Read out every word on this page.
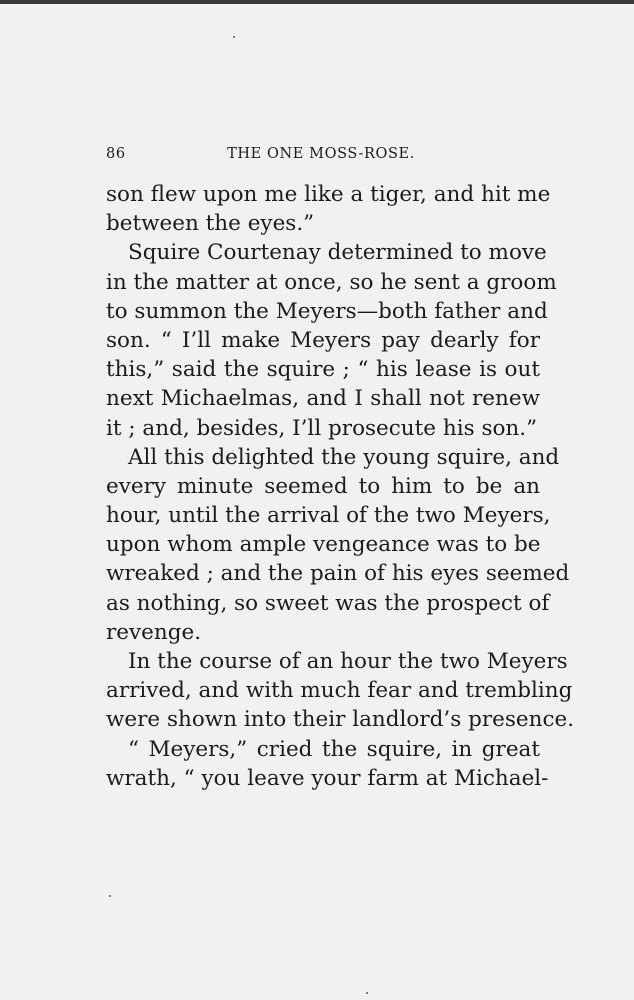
86	THE ONE MOSS-ROSE.
son flew upon me like a tiger, and hit me
between the eyes.”
Squire Courtenay determined to move
in the matter at once, so he sent a groom
to summon the Meyers—both father and
son. “ I’ll make Meyers pay dearly for
this,” said the squire ; “ his lease is out
next Michaelmas, and I shall not renew
it ; and, besides, I’ll prosecute his son.”
All this delighted the young squire, and
every minute seemed to him to be an
hour, until the arrival of the two Meyers,
upon whom ample vengeance was to be
wreaked ; and the pain of his eyes seemed
as nothing, so sweet was the prospect of
revenge.
In the course of an hour the two Meyers
arrived, and with much fear and trembling
were shown into their landlord’s presence.
“ Meyers,” cried the squire, in great
wrath, “ you leave your farm at Michael-
